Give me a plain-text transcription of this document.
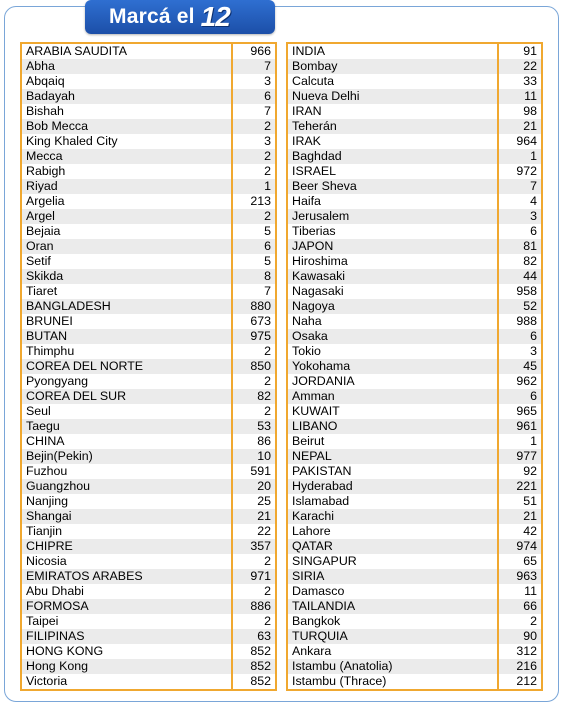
Marcá el 12
ARABIA SAUDITA	966
Abha	7
Abqaiq	3
Badayah	6
Bishah	7
Bob Mecca	2
King Khaled City	3
Mecca	2
Rabigh	2
Riyad	1
Argelia	213
Argel	2
Bejaia	5
Oran	6
Setif	5
Skikda	8
Tiaret	7
BANGLADESH	880
BRUNEI	673
BUTAN	975
Thimphu	2
COREA DEL NORTE	850
Pyongyang	2
COREA DEL SUR	82
Seul	2
Taegu	53
CHINA	86
Bejin(Pekin)	10
Fuzhou	591
Guangzhou	20
Nanjing	25
Shangai	21
Tianjin	22
CHIPRE	357
Nicosia	2
EMIRATOS ARABES	971
Abu Dhabi	2
FORMOSA	886
Taipei	2
FILIPINAS	63
HONG KONG	852
Hong Kong	852
Victoria	852
INDIA	91
Bombay	22
Calcuta	33
Nueva Delhi	11
IRAN	98
Teherán	21
IRAK	964
Baghdad	1
ISRAEL	972
Beer Sheva	7
Haifa	4
Jerusalem	3
Tiberias	6
JAPON	81
Hiroshima	82
Kawasaki	44
Nagasaki	958
Nagoya	52
Naha	988
Osaka	6
Tokio	3
Yokohama	45
JORDANIA	962
Amman	6
KUWAIT	965
LIBANO	961
Beirut	1
NEPAL	977
PAKISTAN	92
Hyderabad	221
Islamabad	51
Karachi	21
Lahore	42
QATAR	974
SINGAPUR	65
SIRIA	963
Damasco	11
TAILANDIA	66
Bangkok	2
TURQUIA	90
Ankara	312
Istambu (Anatolia)	216
Istambu (Thrace)	212
